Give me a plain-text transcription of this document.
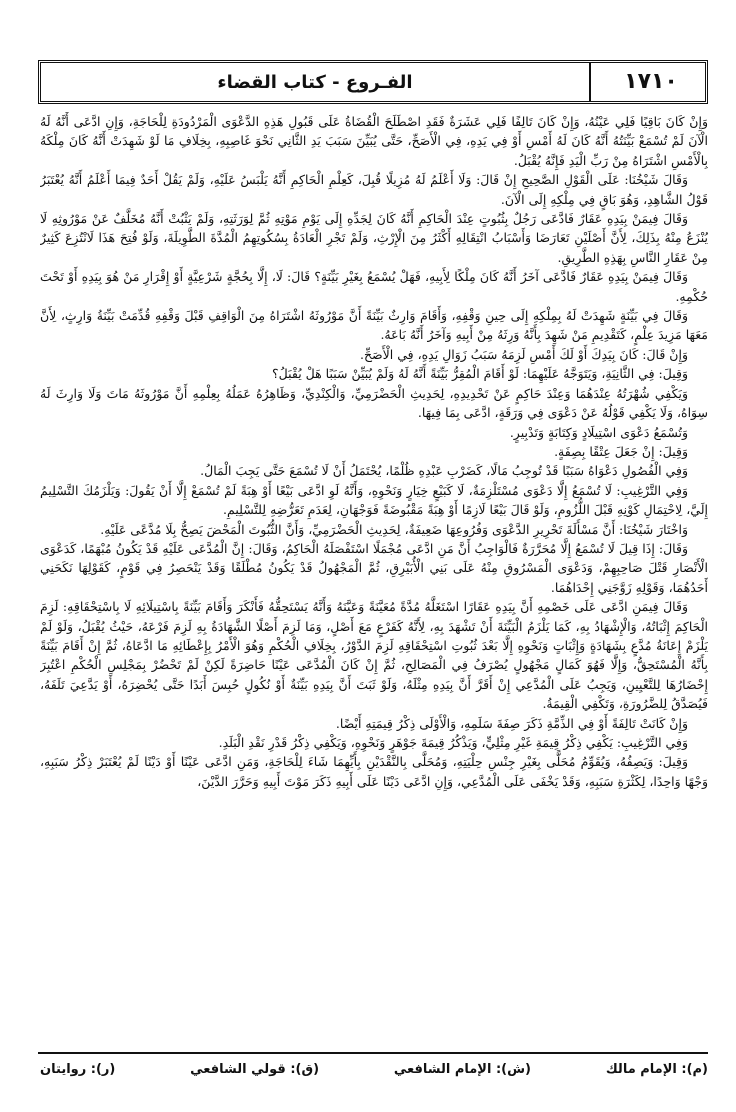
الفـروع - كتاب القضاء	١٧١٠

وَإِنْ كَانَ بَاقِيًا فَلِي عَيْنُهُ، وَإِنْ كَانَ تَالِفًا فَلِي عَشَرَةٌ فَقَدِ اصْطَلَحَ الْقُضَاةُ عَلَى قَبُولِ هَذِهِ الدَّعْوَى الْمَرْدُودَةِ لِلْحَاجَةِ، وَإِنِ ادَّعَى أَنَّهُ لَهُ الْآنَ لَمْ تُسْمَعْ بَيِّنَتُهُ أَنَّهُ كَانَ لَهُ أَمْسِ أَوْ فِي يَدِهِ، فِي الْأَصَحِّ، حَتَّى يُبَيِّنَ سَبَبَ يَدِ الثَّانِي نَحْوَ غَاصِبِهِ، بِخِلَافِ مَا لَوْ شَهِدَتْ أَنَّهُ كَانَ مِلْكَهُ بِالْأَمْسِ اشْتَرَاهُ مِنْ رَبِّ الْيَدِ فَإِنَّهُ يُقْبَلُ.

وَقَالَ شَيْخُنَا: عَلَى الْقَوْلِ الصَّحِيحِ إِنْ قَالَ: وَلَا أَعْلَمُ لَهُ مُزِيلًا قُبِلَ، كَعِلْمِ الْحَاكِمِ أَنَّهُ يَلْبَسُ عَلَيْهِ، وَلَمْ يَقُلْ أَحَدٌ فِيمَا أَعْلَمُ أَنَّهُ يُعْتَبَرُ قَوْلُ الشَّاهِدِ، وَهُوَ بَاقٍ فِي مِلْكِهِ إِلَى الْآنَ.

وَقَالَ فِيمَنْ بِيَدِهِ عَقَارٌ فَادَّعَى رَجُلٌ بِثُبُوتٍ عِنْدَ الْحَاكِمِ أَنَّهُ كَانَ لِجَدِّهِ إِلَى يَوْمِ مَوْتِهِ ثُمَّ لِوَرَثَتِهِ، وَلَمْ يَثْبُتْ أَنَّهُ مُخَلَّفٌ عَنْ مَوْرُوثِهِ لَا يُنْزَعُ مِنْهُ بِذَلِكَ، لِأَنَّ أَصْلَيْنِ تَعَارَضَا وَأَسْبَابُ انْتِقَالِهِ أَكْثَرُ مِنَ الْإِرْثِ، وَلَمْ تَجْرِ الْعَادَةُ بِسُكُوتِهِمُ الْمُدَّةَ الطَّوِيلَةَ، وَلَوْ فُتِحَ هَذَا لَانْتُزِعَ كَثِيرٌ مِنْ عَقَارِ النَّاسِ بِهَذِهِ الطَّرِيقِ.

وَقَالَ فِيمَنْ بِيَدِهِ عَقَارٌ فَادَّعَى آخَرُ أَنَّهُ كَانَ مِلْكًا لِأَبِيهِ، فَهَلْ يُسْمَعُ بِغَيْرِ بَيِّنَةٍ؟ قَالَ: لَا، إِلَّا بِحُجَّةٍ شَرْعِيَّةٍ أَوْ إِقْرَارِ مَنْ هُوَ بِيَدِهِ أَوْ تَحْتَ حُكْمِهِ.

وَقَالَ فِي بَيِّنَةٍ شَهِدَتْ لَهُ بِمِلْكِهِ إِلَى حِينِ وَقْفِهِ، وَأَقَامَ وَارِثٌ بَيِّنَةً أَنَّ مَوْرُوثَهُ اشْتَرَاهُ مِنَ الْوَاقِفِ قَبْلَ وَقْفِهِ قُدِّمَتْ بَيِّنَةُ وَارِثٍ، لِأَنَّ مَعَهَا مَزِيدَ عِلْمٍ، كَتَقْدِيمِ مَنْ شَهِدَ بِأَنَّهُ وَرِثَهُ مِنْ أَبِيهِ وَآخَرُ أَنَّهُ بَاعَهُ.

وَإِنْ قَالَ: كَانَ بِيَدِكَ أَوْ لَكَ أَمْسِ لَزِمَهُ سَبَبُ زَوَالِ يَدِهِ، فِي الْأَصَحِّ.

وَقِيلَ: فِي الثَّانِيَةِ، وَيَتَوَجَّهُ عَلَيْهِمَا: لَوْ أَقَامَ الْمُقِرُّ بَيِّنَةً أَنَّهُ لَهُ وَلَمْ يُبَيِّنْ سَبَبًا هَلْ يُقْبَلُ؟

وَيَكْفِي شُهْرَتُهُ عِنْدَهُمَا وَعِنْدَ حَاكِمٍ عَنْ تَحْدِيدِهِ، لِحَدِيثِ الْحَضْرَمِيِّ، وَالْكِنْدِيِّ، وَظَاهِرُهُ عَمَلُهُ بِعِلْمِهِ أَنَّ مَوْرُوثَهُ مَاتَ وَلَا وَارِثَ لَهُ سِوَاهُ، وَلَا يَكْفِي قَوْلُهُ عَنْ دَعْوَى فِي وَرَقَةٍ، ادَّعَى بِمَا فِيهَا.

وَتُسْمَعُ دَعْوَى اسْتِيلَادٍ وَكِتَابَةٍ وَتَدْبِيرٍ.

وَقِيلَ: إِنْ جَعَلَ عِتْقًا بِصِفَةٍ.

وَفِي الْفُصُولِ دَعْوَاهُ سَبَبًا قَدْ تُوجِبُ مَالًا، كَضَرْبِ عَبْدِهِ ظُلْمًا، يُحْتَمَلُ أَنْ لَا تُسْمَعَ حَتَّى يَجِبَ الْمَالُ.

وَفِي التَّرْغِيبِ: لَا تُسْمَعُ إِلَّا دَعْوَى مُسْتَلْزِمَةٌ، لَا كَبَيْعٍ خِيَارٍ وَنَحْوِهِ، وَأَنَّهُ لَوِ ادَّعَى بَيْعًا أَوْ هِبَةً لَمْ تُسْمَعْ إِلَّا أَنْ يَقُولَ: وَيَلْزَمُكَ التَّسْلِيمُ إِلَيَّ، لِاحْتِمَالِ كَوْنِهِ قَبْلَ اللُّزُومِ، وَلَوْ قَالَ بَيْعًا لَازِمًا أَوْ هِبَةً مَقْبُوضَةً فَوَجْهَانِ، لِعَدَمِ تَعَرُّضِهِ لِلتَّسْلِيمِ.

وَاخْتَارَ شَيْخُنَا: أَنَّ مَسْأَلَةَ تَحْرِيرِ الدَّعْوَى وَفُرُوعِهَا ضَعِيفَةٌ، لِحَدِيثِ الْحَضْرَمِيِّ، وَأَنَّ الثُّبُوتَ الْمَحْضَ يَصِحُّ بِلَا مُدَّعًى عَلَيْهِ.

وَقَالَ: إِذَا قِيلَ لَا تُسْمَعُ إِلَّا مُحَرَّرَةٌ فَالْوَاجِبُ أَنَّ مَنِ ادَّعَى مُجْمَلًا اسْتَفْصَلَهُ الْحَاكِمُ، وَقَالَ: إِنَّ الْمُدَّعَى عَلَيْهِ قَدْ يَكُونُ مُبْهَمًا، كَدَعْوَى الْأَنْصَارِ قَتْلَ صَاحِبِهِمْ، وَدَعْوَى الْمَسْرُوقِ مِنْهُ عَلَى بَنِي الْأُبَيْرِقِ، ثُمَّ الْمَجْهُولُ قَدْ يَكُونُ مُطْلَقًا وَقَدْ يَنْحَصِرُ فِي قَوْمٍ، كَقَوْلِهَا نَكَحَنِي أَحَدُهُمَا، وَقَوْلِهِ زَوَّجَنِي إِحْدَاهُمَا.

وَقَالَ فِيمَنِ ادَّعَى عَلَى خَصْمِهِ أَنَّ بِيَدِهِ عَقَارًا اسْتَغَلَّهُ مُدَّةً مُعَيَّنَةً وَعَيَّنَهُ وَأَنَّهُ يَسْتَحِقُّهُ فَأَنْكَرَ وَأَقَامَ بَيِّنَةً بِاسْتِيلَائِهِ لَا بِاسْتِحْقَاقِهِ: لَزِمَ الْحَاكِمَ إِثْبَاتُهُ، وَالْإِشْهَادُ بِهِ، كَمَا يَلْزَمُ الْبَيِّنَةَ أَنْ تَشْهَدَ بِهِ، لِأَنَّهُ كَفَرْعٍ مَعَ أَصْلٍ، وَمَا لَزِمَ أَصْلًا الشَّهَادَةُ بِهِ لَزِمَ فَرْعَهُ، حَيْثُ يُقْبَلُ، وَلَوْ لَمْ يَلْزَمْ إِعَانَةُ مُدَّعٍ بِشَهَادَةٍ وَإِثْبَاتٍ وَنَحْوِهِ إِلَّا بَعْدَ ثُبُوتِ اسْتِحْقَاقِهِ لَزِمَ الدَّوْرُ، بِخِلَافِ الْحُكْمِ وَهُوَ الْأَمْرُ بِإِعْطَائِهِ مَا ادَّعَاهُ، ثُمَّ إِنْ أَقَامَ بَيِّنَةً بِأَنَّهُ الْمُسْتَحِقُّ، وَإِلَّا فَهُوَ كَمَالٍ مَجْهُولٍ يُصْرَفُ فِي الْمَصَالِحِ، ثُمَّ إِنْ كَانَ الْمُدَّعَى عَيْنًا حَاضِرَةً لَكِنْ لَمْ تَحْضُرْ بِمَجْلِسِ الْحُكْمِ اعْتُبِرَ إِحْضَارُهَا لِلتَّعْيِينِ، وَيَجِبُ عَلَى الْمُدَّعِي إِنْ أَقَرَّ أَنَّ بِيَدِهِ مِثْلَهُ، وَلَوْ ثَبَتَ أَنَّ بِيَدِهِ بَيِّنَةٌ أَوْ نُكُولٍ حُبِسَ أَبَدًا حَتَّى يُحْضِرَهُ، أَوْ يَدَّعِيَ تَلَفَهُ، فَيُصَدَّقُ لِلضَّرُورَةِ، وَتَكْفِي الْقِيمَةُ.

وَإِنْ كَانَتْ تَالِفَةً أَوْ فِي الذِّمَّةِ ذَكَرَ صِفَةَ سَلَمِهِ، وَالْأَوْلَى ذِكْرُ قِيمَتِهِ أَيْضًا.

وَفِي التَّرْغِيبِ: يَكْفِي ذِكْرُ قِيمَةِ غَيْرِ مِثْلِيٍّ، وَيَذْكُرُ قِيمَةَ جَوْهَرٍ وَنَحْوِهِ، وَيَكْفِي ذِكْرُ قَدْرِ نَقْدِ الْبَلَدِ.

وَقِيلَ: وَيَصِفُهُ، وَيُقَوِّمُ مُحَلًّى بِغَيْرِ جِنْسِ حِلْيَتِهِ، وَمُحَلَّى بِالنَّقْدَيْنِ بِأَيِّهِمَا شَاءَ لِلْحَاجَةِ، وَمَنِ ادَّعَى عَيْنًا أَوْ دَيْنًا لَمْ يُعْتَبَرْ ذِكْرُ سَبَبِهِ، وَجْهًا وَاحِدًا، لِكَثْرَةِ سَبَبِهِ، وَقَدْ يَخْفَى عَلَى الْمُدَّعِي، وَإِنِ ادَّعَى دَيْنًا عَلَى أَبِيهِ ذَكَرَ مَوْتَ أَبِيهِ وَحَرَّرَ الدَّيْنَ،

(م): الإمام مالك
(ش): الإمام الشافعي
(ق): قولي الشافعي
(ر): روايتان
